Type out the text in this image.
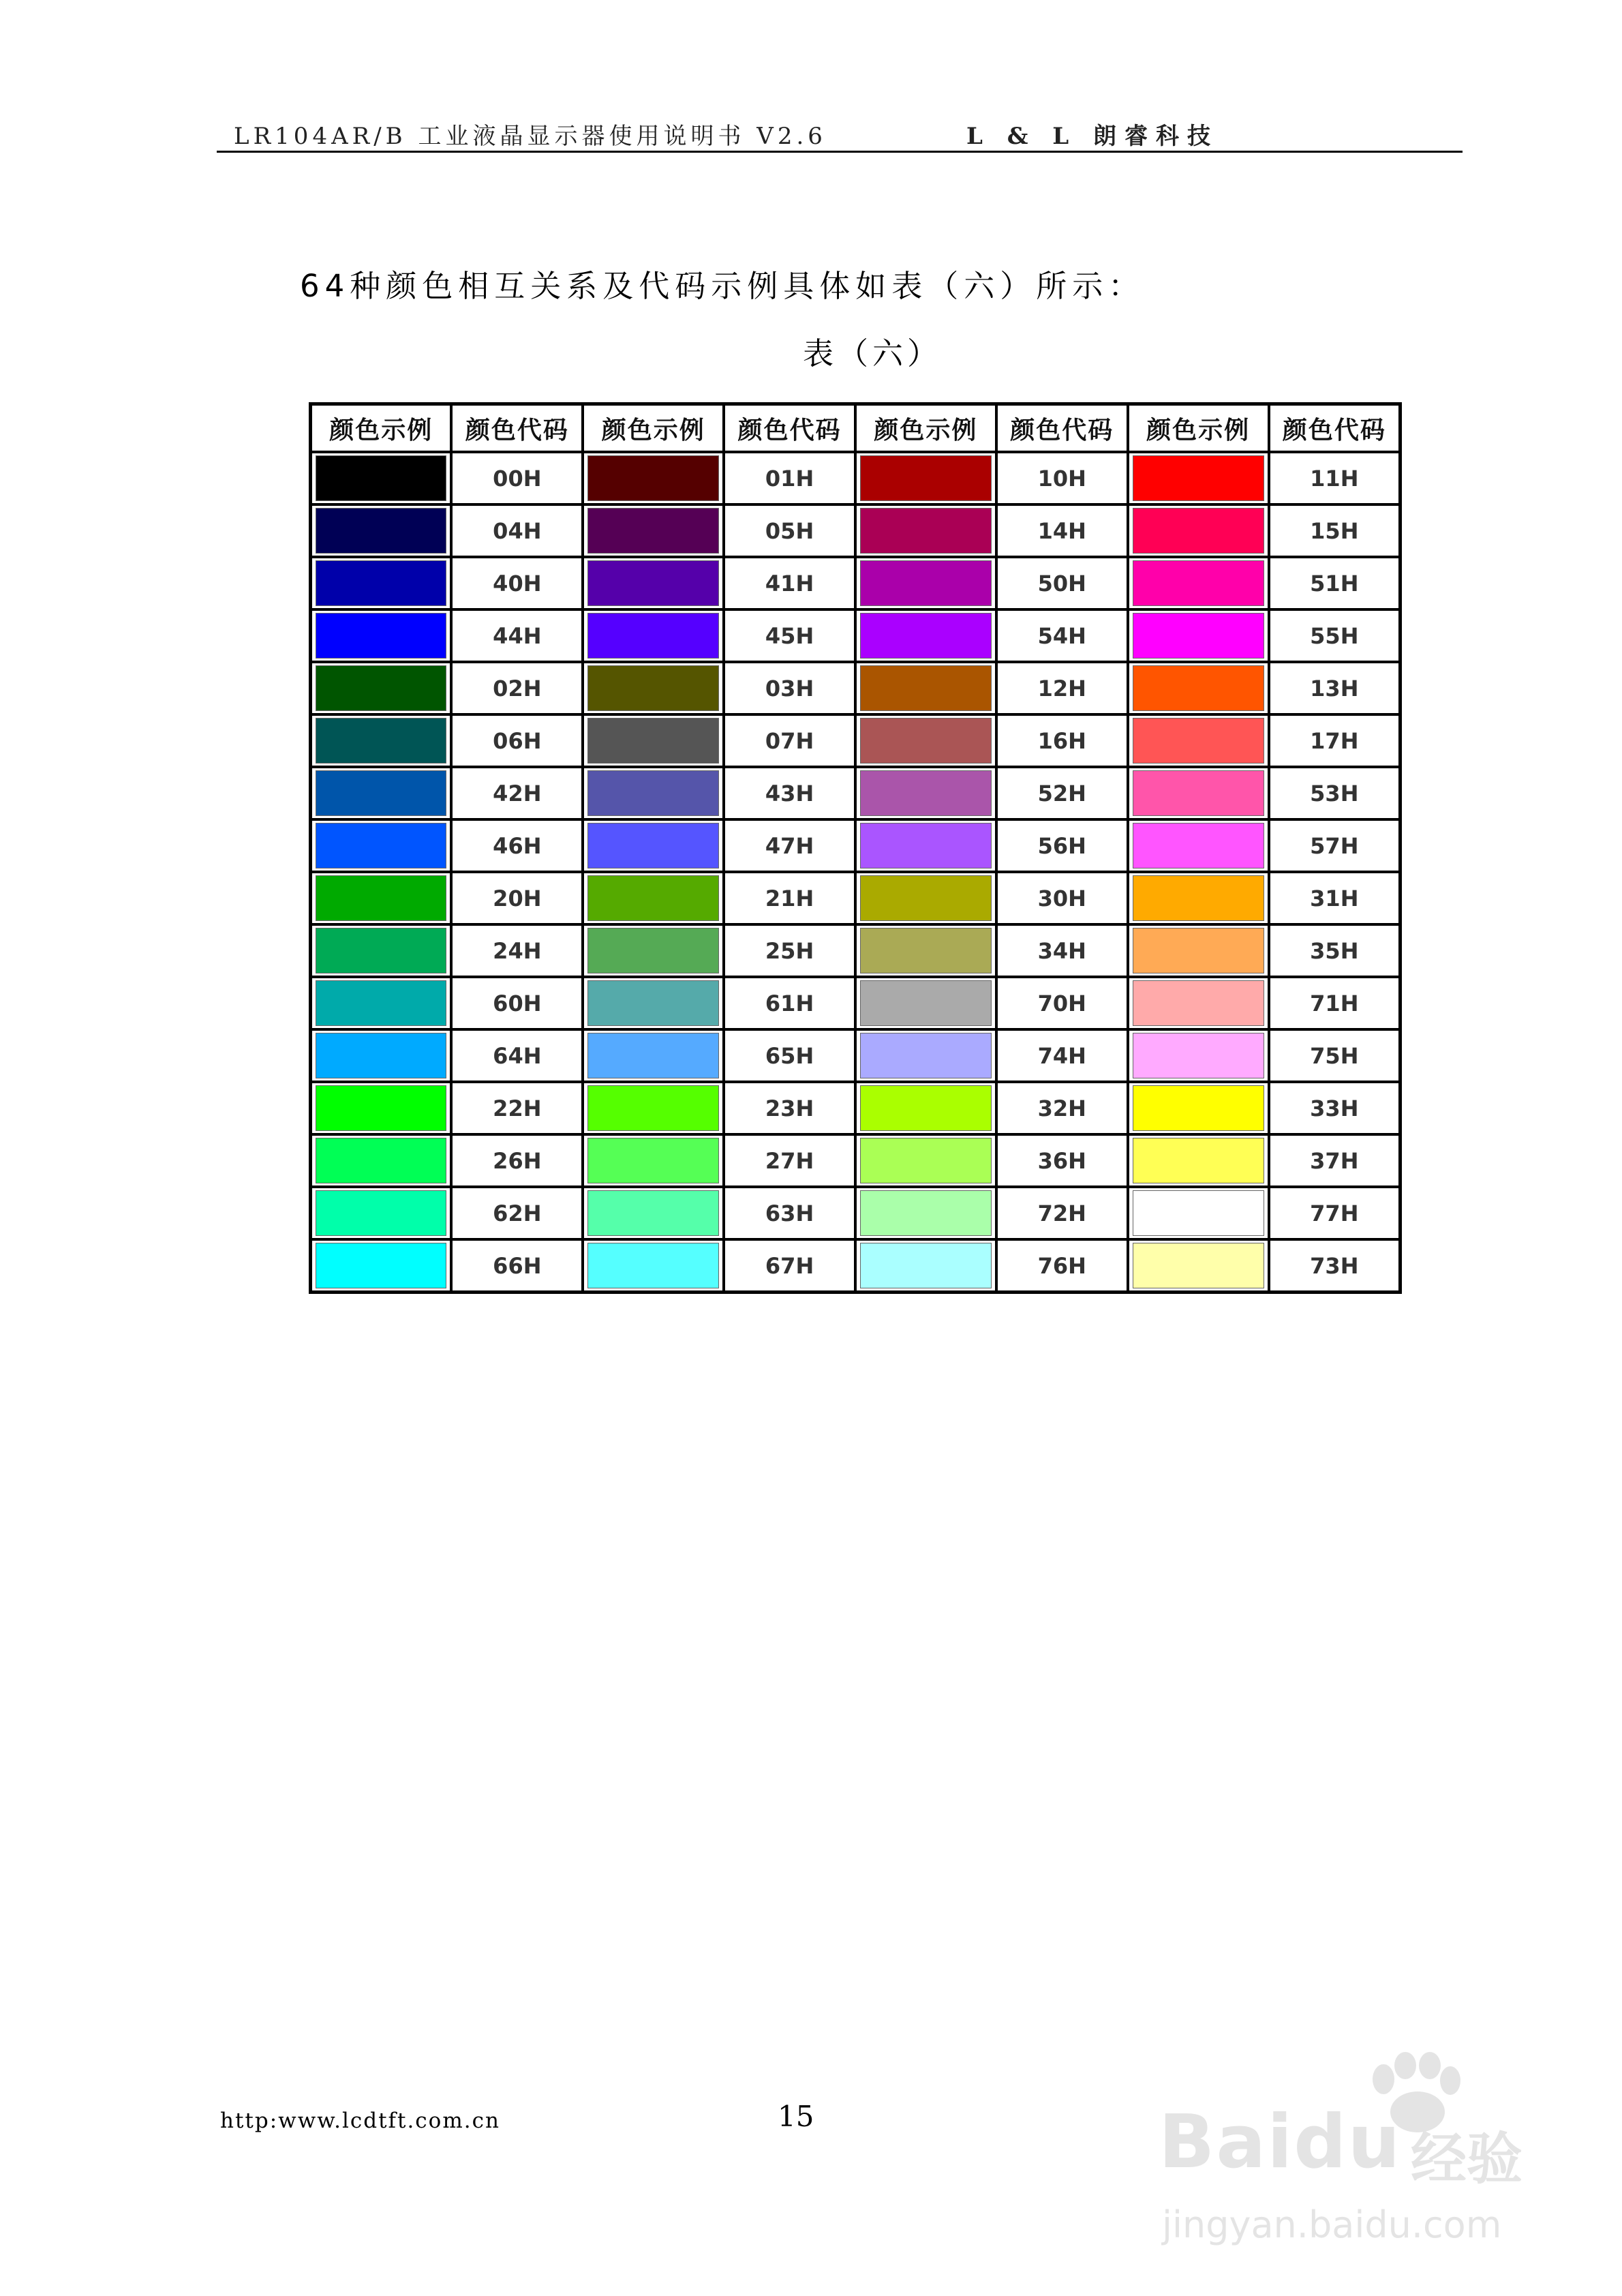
LR104AR/B 工业液晶显示器使用说明书 V2.6	L & L 朗睿科技
64种颜色相互关系及代码示例具体如表（六）所示：
表（六）
颜色示例	颜色代码	颜色示例	颜色代码	颜色示例	颜色代码	颜色示例	颜色代码

	00H		01H		10H		11H

	04H		05H		14H		15H

	40H		41H		50H		51H

	44H		45H		54H		55H

	02H		03H		12H		13H

	06H		07H		16H		17H

	42H		43H		52H		53H

	46H		47H		56H		57H

	20H		21H		30H		31H

	24H		25H		34H		35H

	60H		61H		70H		71H

	64H		65H		74H		75H

	22H		23H		32H		33H

	26H		27H		36H		37H

	62H		63H		72H		77H

	66H		67H		76H		73H
http:www.lcdtft.com.cn	15	Baidu 经验
jingyan.baidu.com
